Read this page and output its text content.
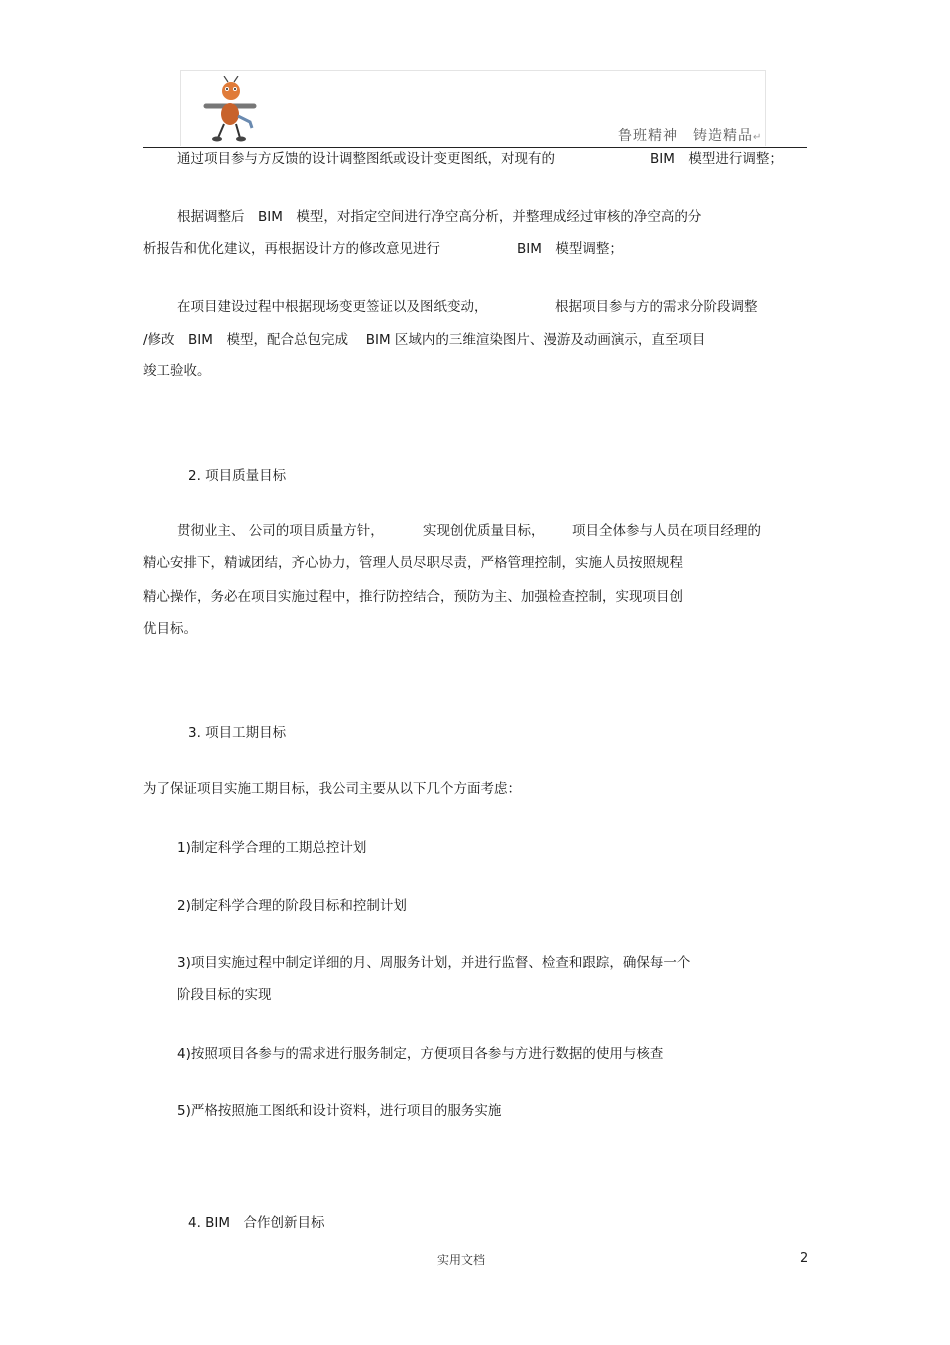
鲁班精神　铸造精品↵
通过项目参与方反馈的设计调整图纸或设计变更图纸，对现有的	BIM　模型进行调整；
根据调整后　BIM　模型，对指定空间进行净空高分析，并整理成经过审核的净空高的分
析报告和优化建议，再根据设计方的修改意见进行	BIM　模型调整；
在项目建设过程中根据现场变更签证以及图纸变动，	根据项目参与方的需求分阶段调整
/修改　BIM　模型，配合总包完成　 BIM 区域内的三维渲染图片、漫游及动画演示，直至项目
竣工验收。
2. 项目质量目标
贯彻业主、 公司的项目质量方针，	实现创优质量目标， 项目全体参与人员在项目经理的
精心安排下，精诚团结，齐心协力，管理人员尽职尽责，严格管理控制，实施人员按照规程
精心操作，务必在项目实施过程中，推行防控结合，预防为主、加强检查控制，实现项目创
优目标。
3. 项目工期目标
为了保证项目实施工期目标，我公司主要从以下几个方面考虑：
1)制定科学合理的工期总控计划
2)制定科学合理的阶段目标和控制计划
3)项目实施过程中制定详细的月、周服务计划，并进行监督、检查和跟踪，确保每一个
阶段目标的实现
4)按照项目各参与的需求进行服务制定，方便项目各参与方进行数据的使用与核查
5)严格按照施工图纸和设计资料，进行项目的服务实施
4. BIM　合作创新目标
实用文档	2
